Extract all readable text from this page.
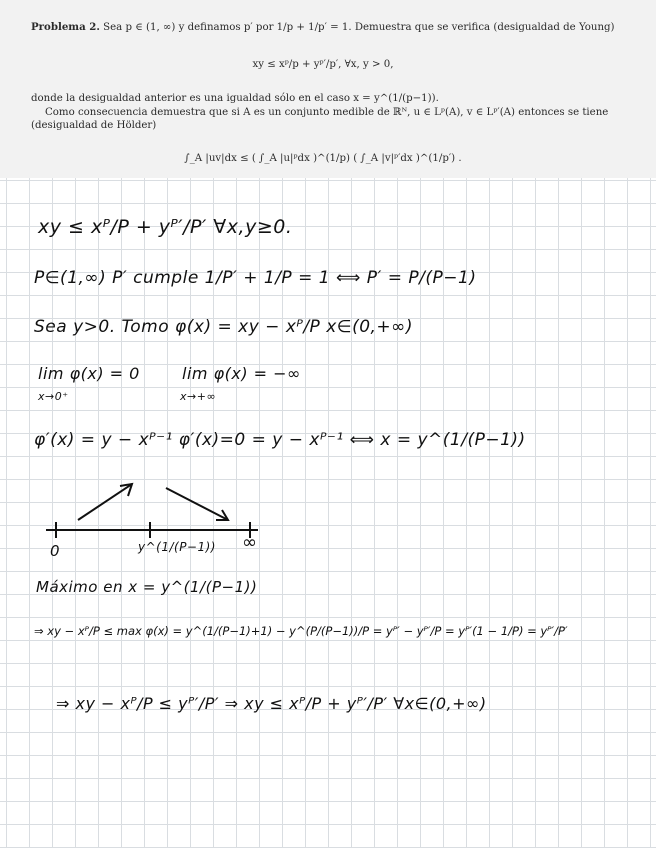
Problema 2. Sea p ∈ (1, ∞) y definamos p′ por 1/p + 1/p′ = 1. Demuestra que se verifica (desigualdad de Young)
xy ≤ xᵖ/p + yᵖ′/p′, ∀x, y > 0,
donde la desigualdad anterior es una igualdad sólo en el caso x = y^(1/(p−1)).
Como consecuencia demuestra que si A es un conjunto medible de ℝᴺ, u ∈ Lᵖ(A), v ∈ Lᵖ′(A) entonces se tiene (desigualdad de Hölder)
∫_A |uv|dx ≤ ( ∫_A |u|ᵖdx )^(1/p) ( ∫_A |v|ᵖ′dx )^(1/p′) .
xy ≤ xᴾ/P + yᴾ′/P′ ∀x,y≥0.
P∈(1,∞) P′ cumple 1/P′ + 1/P = 1 ⟺ P′ = P/(P−1)
Sea y>0. Tomo φ(x) = xy − xᴾ/P x∈(0,+∞)
lim φ(x) = 0
x→0⁺
lim φ(x) = −∞
x→+∞
φ′(x) = y − xᴾ⁻¹ φ′(x)=0 = y − xᴾ⁻¹ ⟺ x = y^(1/(P−1))
0	y^(1/(P−1)) ∞
Máximo en x = y^(1/(P−1))
⇒ xy − xᴾ/P ≤ max φ(x) = y^(1/(P−1)+1) − y^(P/(P−1))/P = yᴾ′ − yᴾ′/P = yᴾ′(1 − 1/P) = yᴾ′/P′
⇒ xy − xᴾ/P ≤ yᴾ′/P′ ⇒ xy ≤ xᴾ/P + yᴾ′/P′ ∀x∈(0,+∞)
